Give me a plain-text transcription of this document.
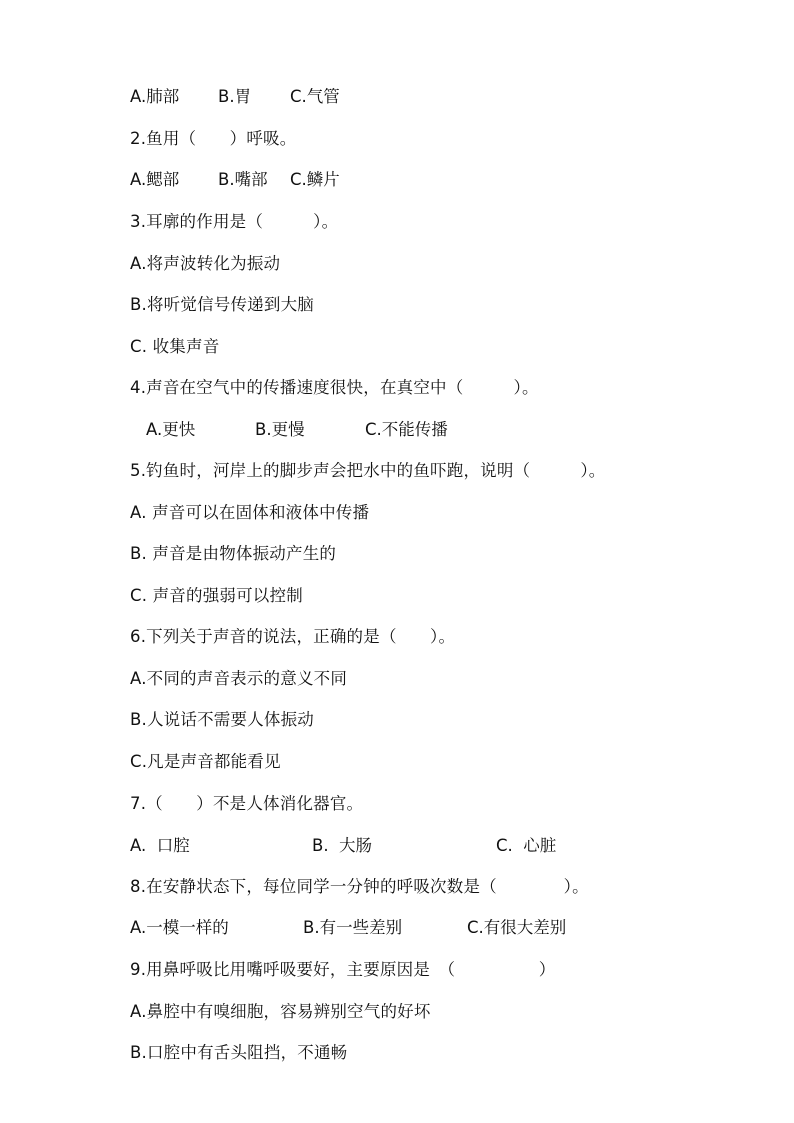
A.肺部 B.胃 C.气管
2.鱼用（　　）呼吸。
A.鳃部 B.嘴部 C.鳞片
3.耳廓的作用是（　　　）。
A.将声波转化为振动
B.将听觉信号传递到大脑
C. 收集声音
4.声音在空气中的传播速度很快，在真空中（　　　）。
A.更快	B.更慢	C.不能传播
5.钓鱼时，河岸上的脚步声会把水中的鱼吓跑，说明（　　　）。
A. 声音可以在固体和液体中传播
B. 声音是由物体振动产生的
C. 声音的强弱可以控制
6.下列关于声音的说法，正确的是（　　）。
A.不同的声音表示的意义不同
B.人说话不需要人体振动
C.凡是声音都能看见
7.（　　）不是人体消化器官。
A.  口腔	B.  大肠	C.  心脏
8.在安静状态下，每位同学一分钟的呼吸次数是（　　　　）。
A.一模一样的	B.有一些差别	C.有很大差别
9.用鼻呼吸比用嘴呼吸要好，主要原因是　（　　　　　）
A.鼻腔中有嗅细胞，容易辨别空气的好坏
B.口腔中有舌头阻挡，不通畅
